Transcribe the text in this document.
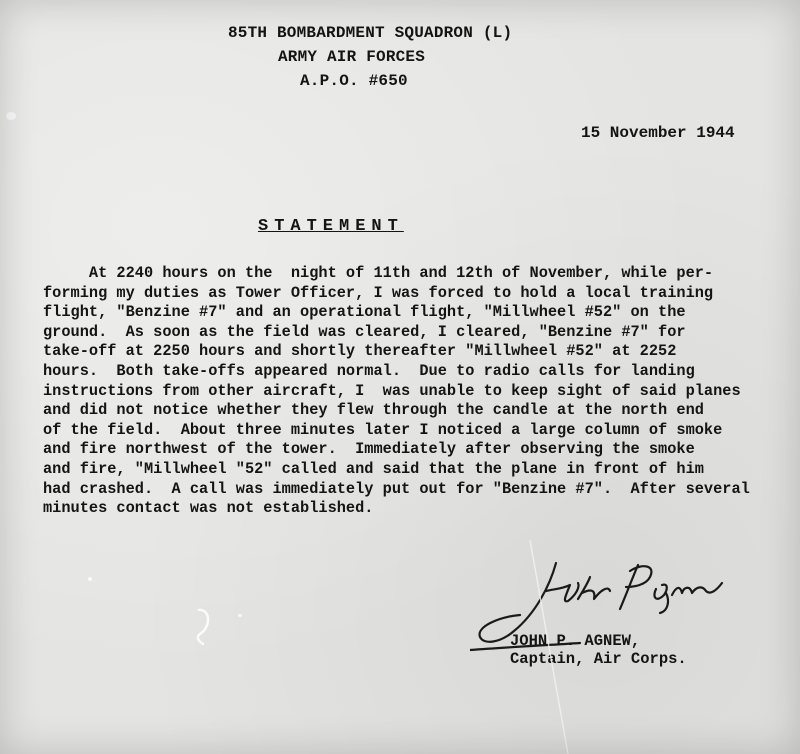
85TH BOMBARDMENT SQUADRON (L)
ARMY AIR FORCES
A.P.O. #650
15 November 1944
STATEMENT
At 2240 hours on the  night of 11th and 12th of November, while per-
forming my duties as Tower Officer, I was forced to hold a local training
flight, "Benzine #7" and an operational flight, "Millwheel #52" on the
ground.  As soon as the field was cleared, I cleared, "Benzine #7" for
take-off at 2250 hours and shortly thereafter "Millwheel #52" at 2252
hours.  Both take-offs appeared normal.  Due to radio calls for landing
instructions from other aircraft, I  was unable to keep sight of said planes
and did not notice whether they flew through the candle at the north end
of the field.  About three minutes later I noticed a large column of smoke
and fire northwest of the tower.  Immediately after observing the smoke
and fire, "Millwheel "52" called and said that the plane in front of him
had crashed.  A call was immediately put out for "Benzine #7".  After several
minutes contact was not established.
JOHN P. AGNEW,
Captain, Air Corps.
